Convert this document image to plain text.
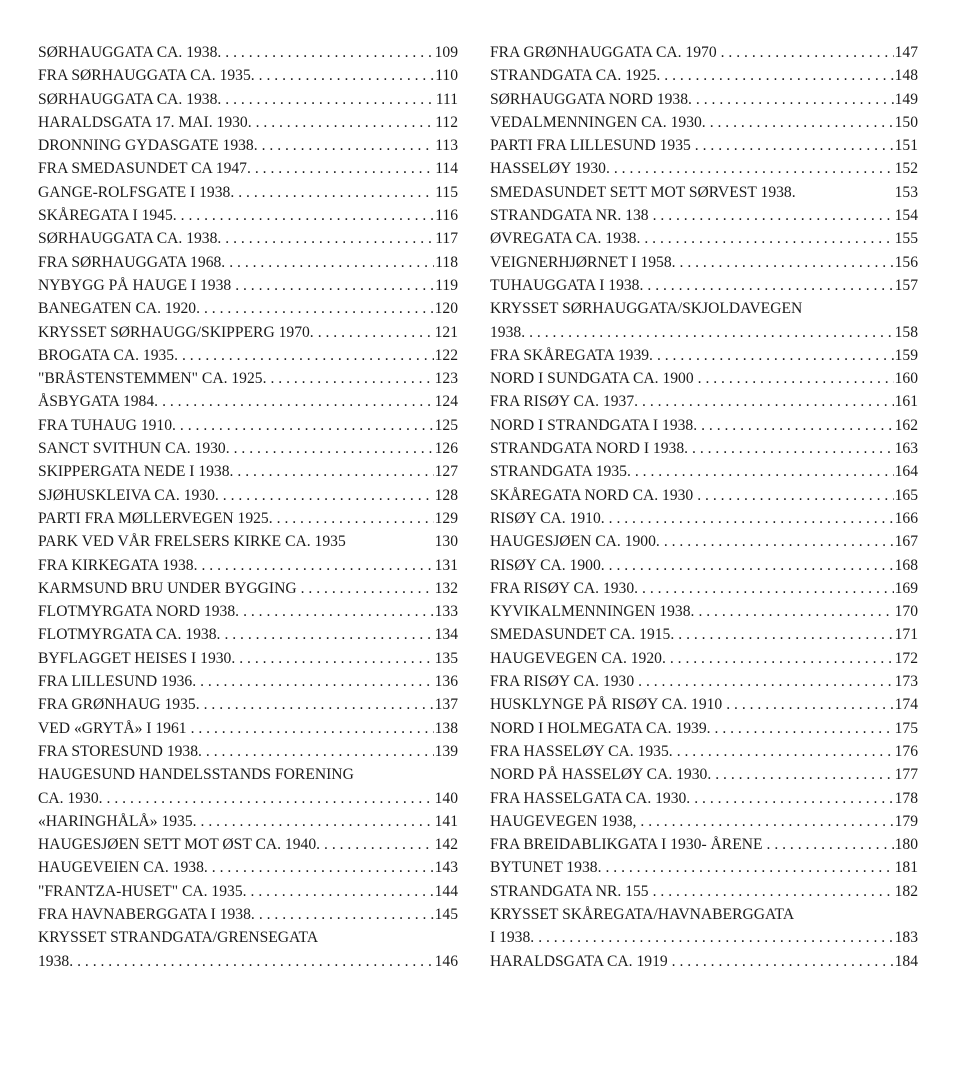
SØRHAUGGATA CA. 1938. . . .	109
FRA SØRHAUGGATA CA. 1935. . . .	110
SØRHAUGGATA CA. 1938. . . .	111
HARALDSGATA 17. MAI. 1930. . . .	112
DRONNING GYDASGATE 1938. . . .	113
FRA SMEDASUNDET CA 1947. . . .	114
GANGE-ROLFSGATE I 1938. . . .	115
SKÅREGATA I 1945. . . .	116
SØRHAUGGATA CA. 1938. . . .	117
FRA SØRHAUGGATA 1968. . . .	118
NYBYGG PÅ HAUGE I 1938 . . .	119
BANEGATEN CA. 1920. . . .	120
KRYSSET SØRHAUGG/SKIPPERG 1970. . . .	121
BROGATA CA. 1935. . . .	122
"BRÅSTENSTEMMEN" CA. 1925. . . .	123
ÅSBYGATA 1984. . . .	124
FRA TUHAUG 1910. . . .	125
SANCT SVITHUN CA. 1930. . . .	126
SKIPPERGATA NEDE I 1938. . . .	127
SJØHUSKLEIVA CA. 1930. . . .	128
PARTI FRA MØLLERVEGEN 1925. . . .	129
PARK VED VÅR FRELSERS KIRKE CA. 1935	130
FRA KIRKEGATA 1938. . . .	131
KARMSUND BRU UNDER BYGGING . . .	132
FLOTMYRGATA NORD 1938. . . .	133
FLOTMYRGATA CA. 1938. . . .	134
BYFLAGGET HEISES I 1930. . . .	135
FRA LILLESUND 1936. . . .	136
FRA GRØNHAUG 1935. . . .	137
VED «GRYTÅ» I 1961 . . .	138
FRA STORESUND 1938. . . .	139
HAUGESUND HANDELSSTANDS FORENING
CA. 1930. . . .	140
«HARINGHÅLÅ» 1935. . . .	141
HAUGESJØEN SETT MOT ØST CA. 1940. . . .	142
HAUGEVEIEN CA. 1938. . . .	143
"FRANTZA-HUSET" CA. 1935. . . .	144
FRA HAVNABERGGATA I 1938. . . .	145
KRYSSET STRANDGATA/GRENSEGATA
1938. . . .	146
FRA GRØNHAUGGATA CA. 1970 . . .	147
STRANDGATA CA. 1925. . . .	148
SØRHAUGGATA NORD 1938. . . .	149
VEDALMENNINGEN CA. 1930. . . .	150
PARTI FRA LILLESUND 1935 . . .	151
HASSELØY 1930. . . .	152
SMEDASUNDET SETT MOT SØRVEST 1938.	153
STRANDGATA NR. 138 . . .	154
ØVREGATA CA. 1938. . . .	155
VEIGNERHJØRNET I 1958. . . .	156
TUHAUGGATA I 1938. . . .	157
KRYSSET SØRHAUGGATA/SKJOLDAVEGEN
1938. . . .	158
FRA SKÅREGATA 1939. . . .	159
NORD I SUNDGATA CA. 1900 . . .	160
FRA RISØY CA. 1937. . . .	161
NORD I STRANDGATA I 1938. . . .	162
STRANDGATA NORD I 1938. . . .	163
STRANDGATA 1935. . . .	164
SKÅREGATA NORD CA. 1930 . . .	165
RISØY CA. 1910. . . .	166
HAUGESJØEN CA. 1900. . . .	167
RISØY CA. 1900. . . .	168
FRA RISØY CA. 1930. . . .	169
KYVIKALMENNINGEN 1938. . . .	170
SMEDASUNDET CA. 1915. . . .	171
HAUGEVEGEN CA. 1920. . . .	172
FRA RISØY CA. 1930 . . .	173
HUSKLYNGE PÅ RISØY CA. 1910 . . .	174
NORD I HOLMEGATA CA. 1939. . . .	175
FRA HASSELØY CA. 1935. . . .	176
NORD PÅ HASSELØY CA. 1930. . . .	177
FRA HASSELGATA CA. 1930. . . .	178
HAUGEVEGEN 1938, . . .	179
FRA BREIDABLIKGATA I 1930- ÅRENE . . .	180
BYTUNET 1938. . . .	181
STRANDGATA NR. 155 . . .	182
KRYSSET SKÅREGATA/HAVNABERGGATA
I 1938. . . .	183
HARALDSGATA CA. 1919 . . .	184
